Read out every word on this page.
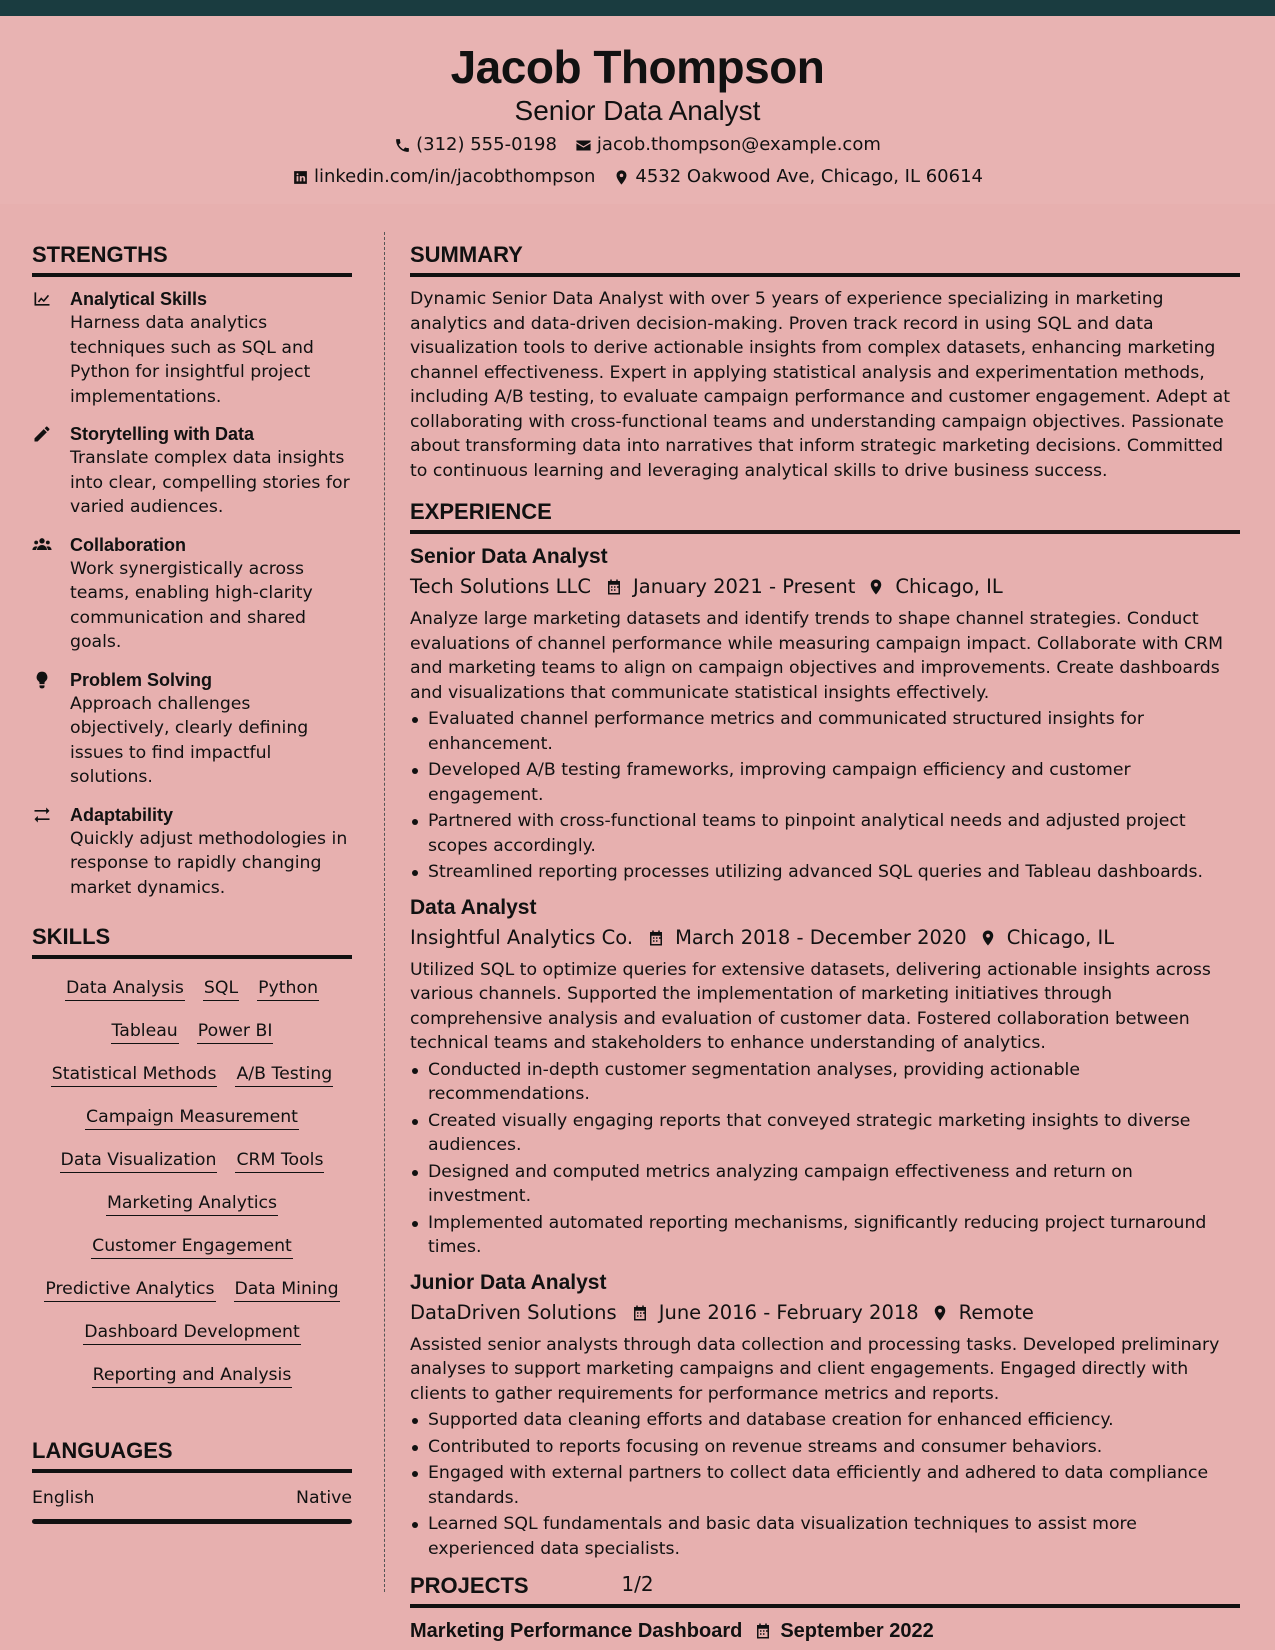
Jacob Thompson
Senior Data Analyst
(312) 555-0198 jacob.thompson@example.com
linkedin.com/in/jacobthompson 4532 Oakwood Ave, Chicago, IL 60614
STRENGTHS
Analytical Skills
Harness data analytics techniques such as SQL and Python for insightful project implementations.
Storytelling with Data
Translate complex data insights into clear, compelling stories for varied audiences.
Collaboration
Work synergistically across teams, enabling high-clarity communication and shared goals.
Problem Solving
Approach challenges objectively, clearly defining issues to find impactful solutions.
Adaptability
Quickly adjust methodologies in response to rapidly changing market dynamics.
SKILLS
Data Analysis SQL Python
Tableau Power BI
Statistical Methods A/B Testing
Campaign Measurement
Data Visualization CRM Tools
Marketing Analytics
Customer Engagement
Predictive Analytics Data Mining
Dashboard Development
Reporting and Analysis
LANGUAGES
English	Native
SUMMARY
Dynamic Senior Data Analyst with over 5 years of experience specializing in marketing analytics and data-driven decision-making. Proven track record in using SQL and data visualization tools to derive actionable insights from complex datasets, enhancing marketing channel effectiveness. Expert in applying statistical analysis and experimentation methods, including A/B testing, to evaluate campaign performance and customer engagement. Adept at collaborating with cross-functional teams and understanding campaign objectives. Passionate about transforming data into narratives that inform strategic marketing decisions. Committed to continuous learning and leveraging analytical skills to drive business success.
EXPERIENCE
Senior Data Analyst
Tech Solutions LLC January 2021 - Present Chicago, IL
Analyze large marketing datasets and identify trends to shape channel strategies. Conduct evaluations of channel performance while measuring campaign impact. Collaborate with CRM and marketing teams to align on campaign objectives and improvements. Create dashboards and visualizations that communicate statistical insights effectively.
Evaluated channel performance metrics and communicated structured insights for enhancement.
Developed A/B testing frameworks, improving campaign efficiency and customer engagement.
Partnered with cross-functional teams to pinpoint analytical needs and adjusted project scopes accordingly.
Streamlined reporting processes utilizing advanced SQL queries and Tableau dashboards.
Data Analyst
Insightful Analytics Co. March 2018 - December 2020 Chicago, IL
Utilized SQL to optimize queries for extensive datasets, delivering actionable insights across various channels. Supported the implementation of marketing initiatives through comprehensive analysis and evaluation of customer data. Fostered collaboration between technical teams and stakeholders to enhance understanding of analytics.
Conducted in-depth customer segmentation analyses, providing actionable recommendations.
Created visually engaging reports that conveyed strategic marketing insights to diverse audiences.
Designed and computed metrics analyzing campaign effectiveness and return on investment.
Implemented automated reporting mechanisms, significantly reducing project turnaround times.
Junior Data Analyst
DataDriven Solutions June 2016 - February 2018 Remote
Assisted senior analysts through data collection and processing tasks. Developed preliminary analyses to support marketing campaigns and client engagements. Engaged directly with clients to gather requirements for performance metrics and reports.
Supported data cleaning efforts and database creation for enhanced efficiency.
Contributed to reports focusing on revenue streams and consumer behaviors.
Engaged with external partners to collect data efficiently and adhered to data compliance standards.
Learned SQL fundamentals and basic data visualization techniques to assist more experienced data specialists.
PROJECTS
Marketing Performance Dashboard September 2022
1/2
